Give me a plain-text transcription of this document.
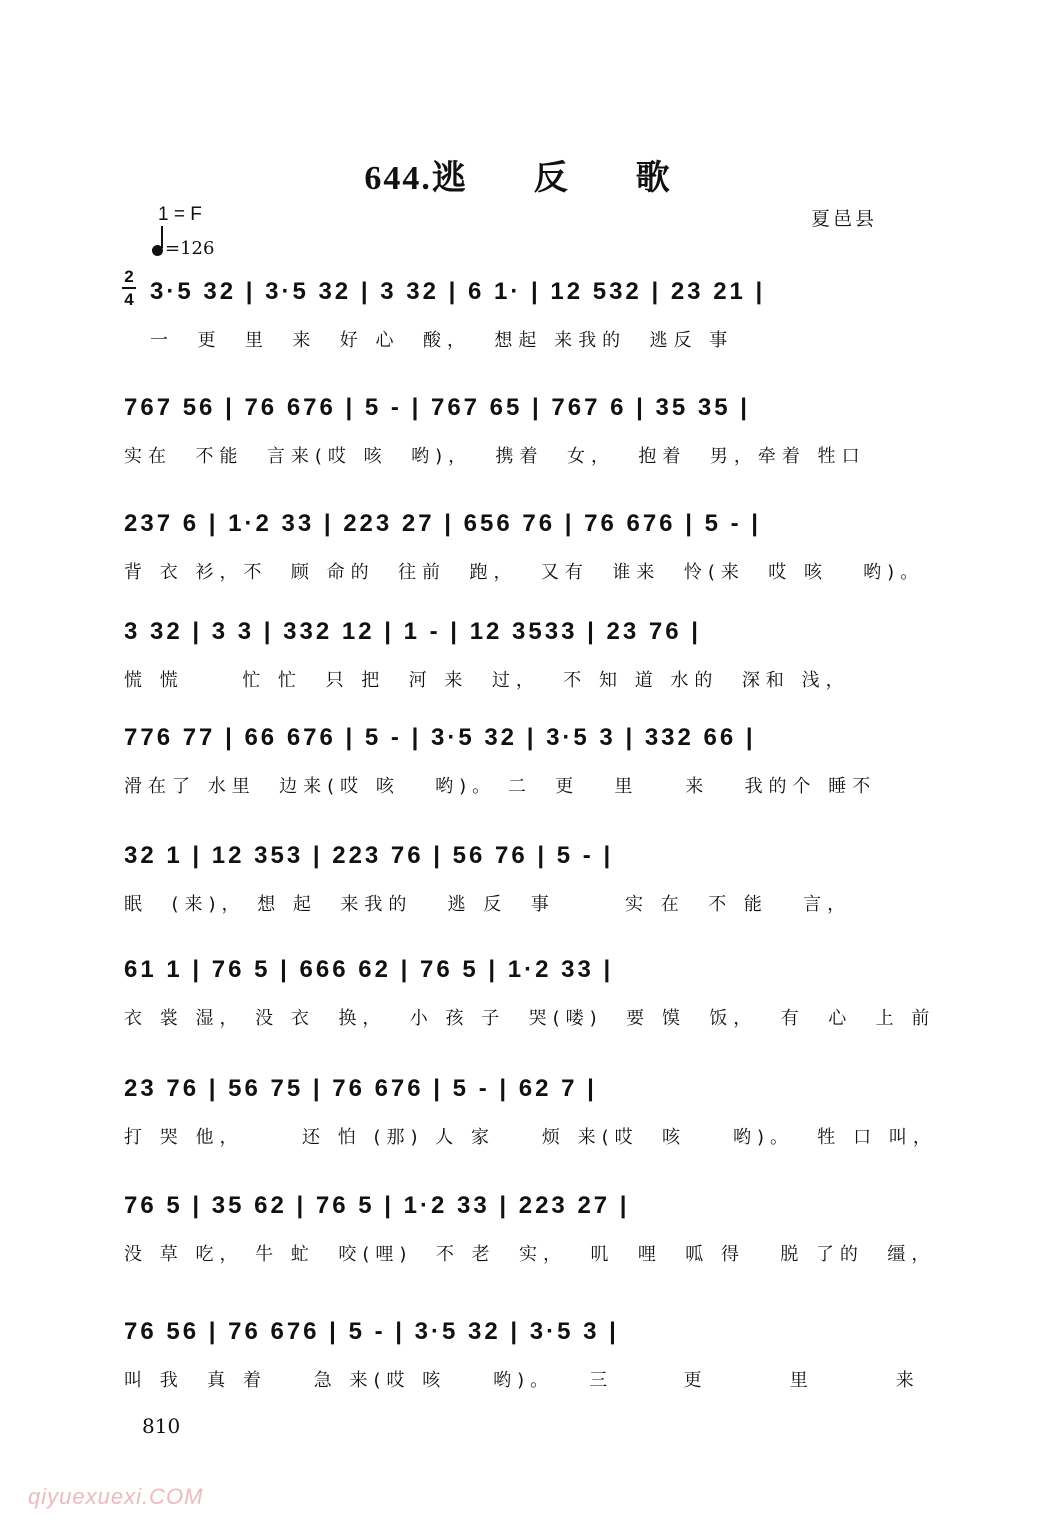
644.逃 反 歌
1 = F
=126
夏邑县
2
4 3·5 32 | 3·5 32 | 3 32 | 6 1· | 12 532 | 23 21 |
一  更  里  来  好 心  酸，  想起 来我的  逃反 事
767 56 | 76 676 | 5 - | 767 65 | 767 6 | 35 35 |
实在  不能  言来(哎 咳  哟)，  携着  女，  抱着  男，牵着 牲口
237 6 | 1·2 33 | 223 27 | 656 76 | 76 676 | 5 - |
背 衣 衫，不  顾 命的  往前  跑，  又有  谁来  怜(来  哎 咳   哟)。
3 32 | 3 3 | 332 12 | 1 - | 12 3533 | 23 76 |
慌 慌     忙 忙  只 把  河 来  过，  不 知 道 水的  深和 浅，
776 77 | 66 676 | 5 - | 3·5 32 | 3·5 3 | 332 66 |
滑在了 水里  边来(哎 咳   哟)。 二  更   里    来   我的个 睡不
32 1 | 12 353 | 223 76 | 56 76 | 5 - |
眠  (来)， 想 起  来我的   逃 反  事      实 在  不 能   言，
61 1 | 76 5 | 666 62 | 76 5 | 1·2 33 |
衣 裳 湿， 没 衣  换，  小 孩 子  哭(喽)  要 馍  饭，  有  心  上 前
23 76 | 56 75 | 76 676 | 5 - | 62 7 |
打 哭 他，     还 怕 (那) 人 家    烦 来(哎  咳    哟)。  牲 口 叫，
76 5 | 35 62 | 76 5 | 1·2 33 | 223 27 |
没 草 吃， 牛 虻  咬(哩)  不 老  实，  叽  哩  呱 得   脱 了的  缰，
76 56 | 76 676 | 5 - | 3·5 32 | 3·5 3 |
叫 我  真 着    急 来(哎 咳    哟)。   三      更       里       来
810
qiyuexuexi.COM
